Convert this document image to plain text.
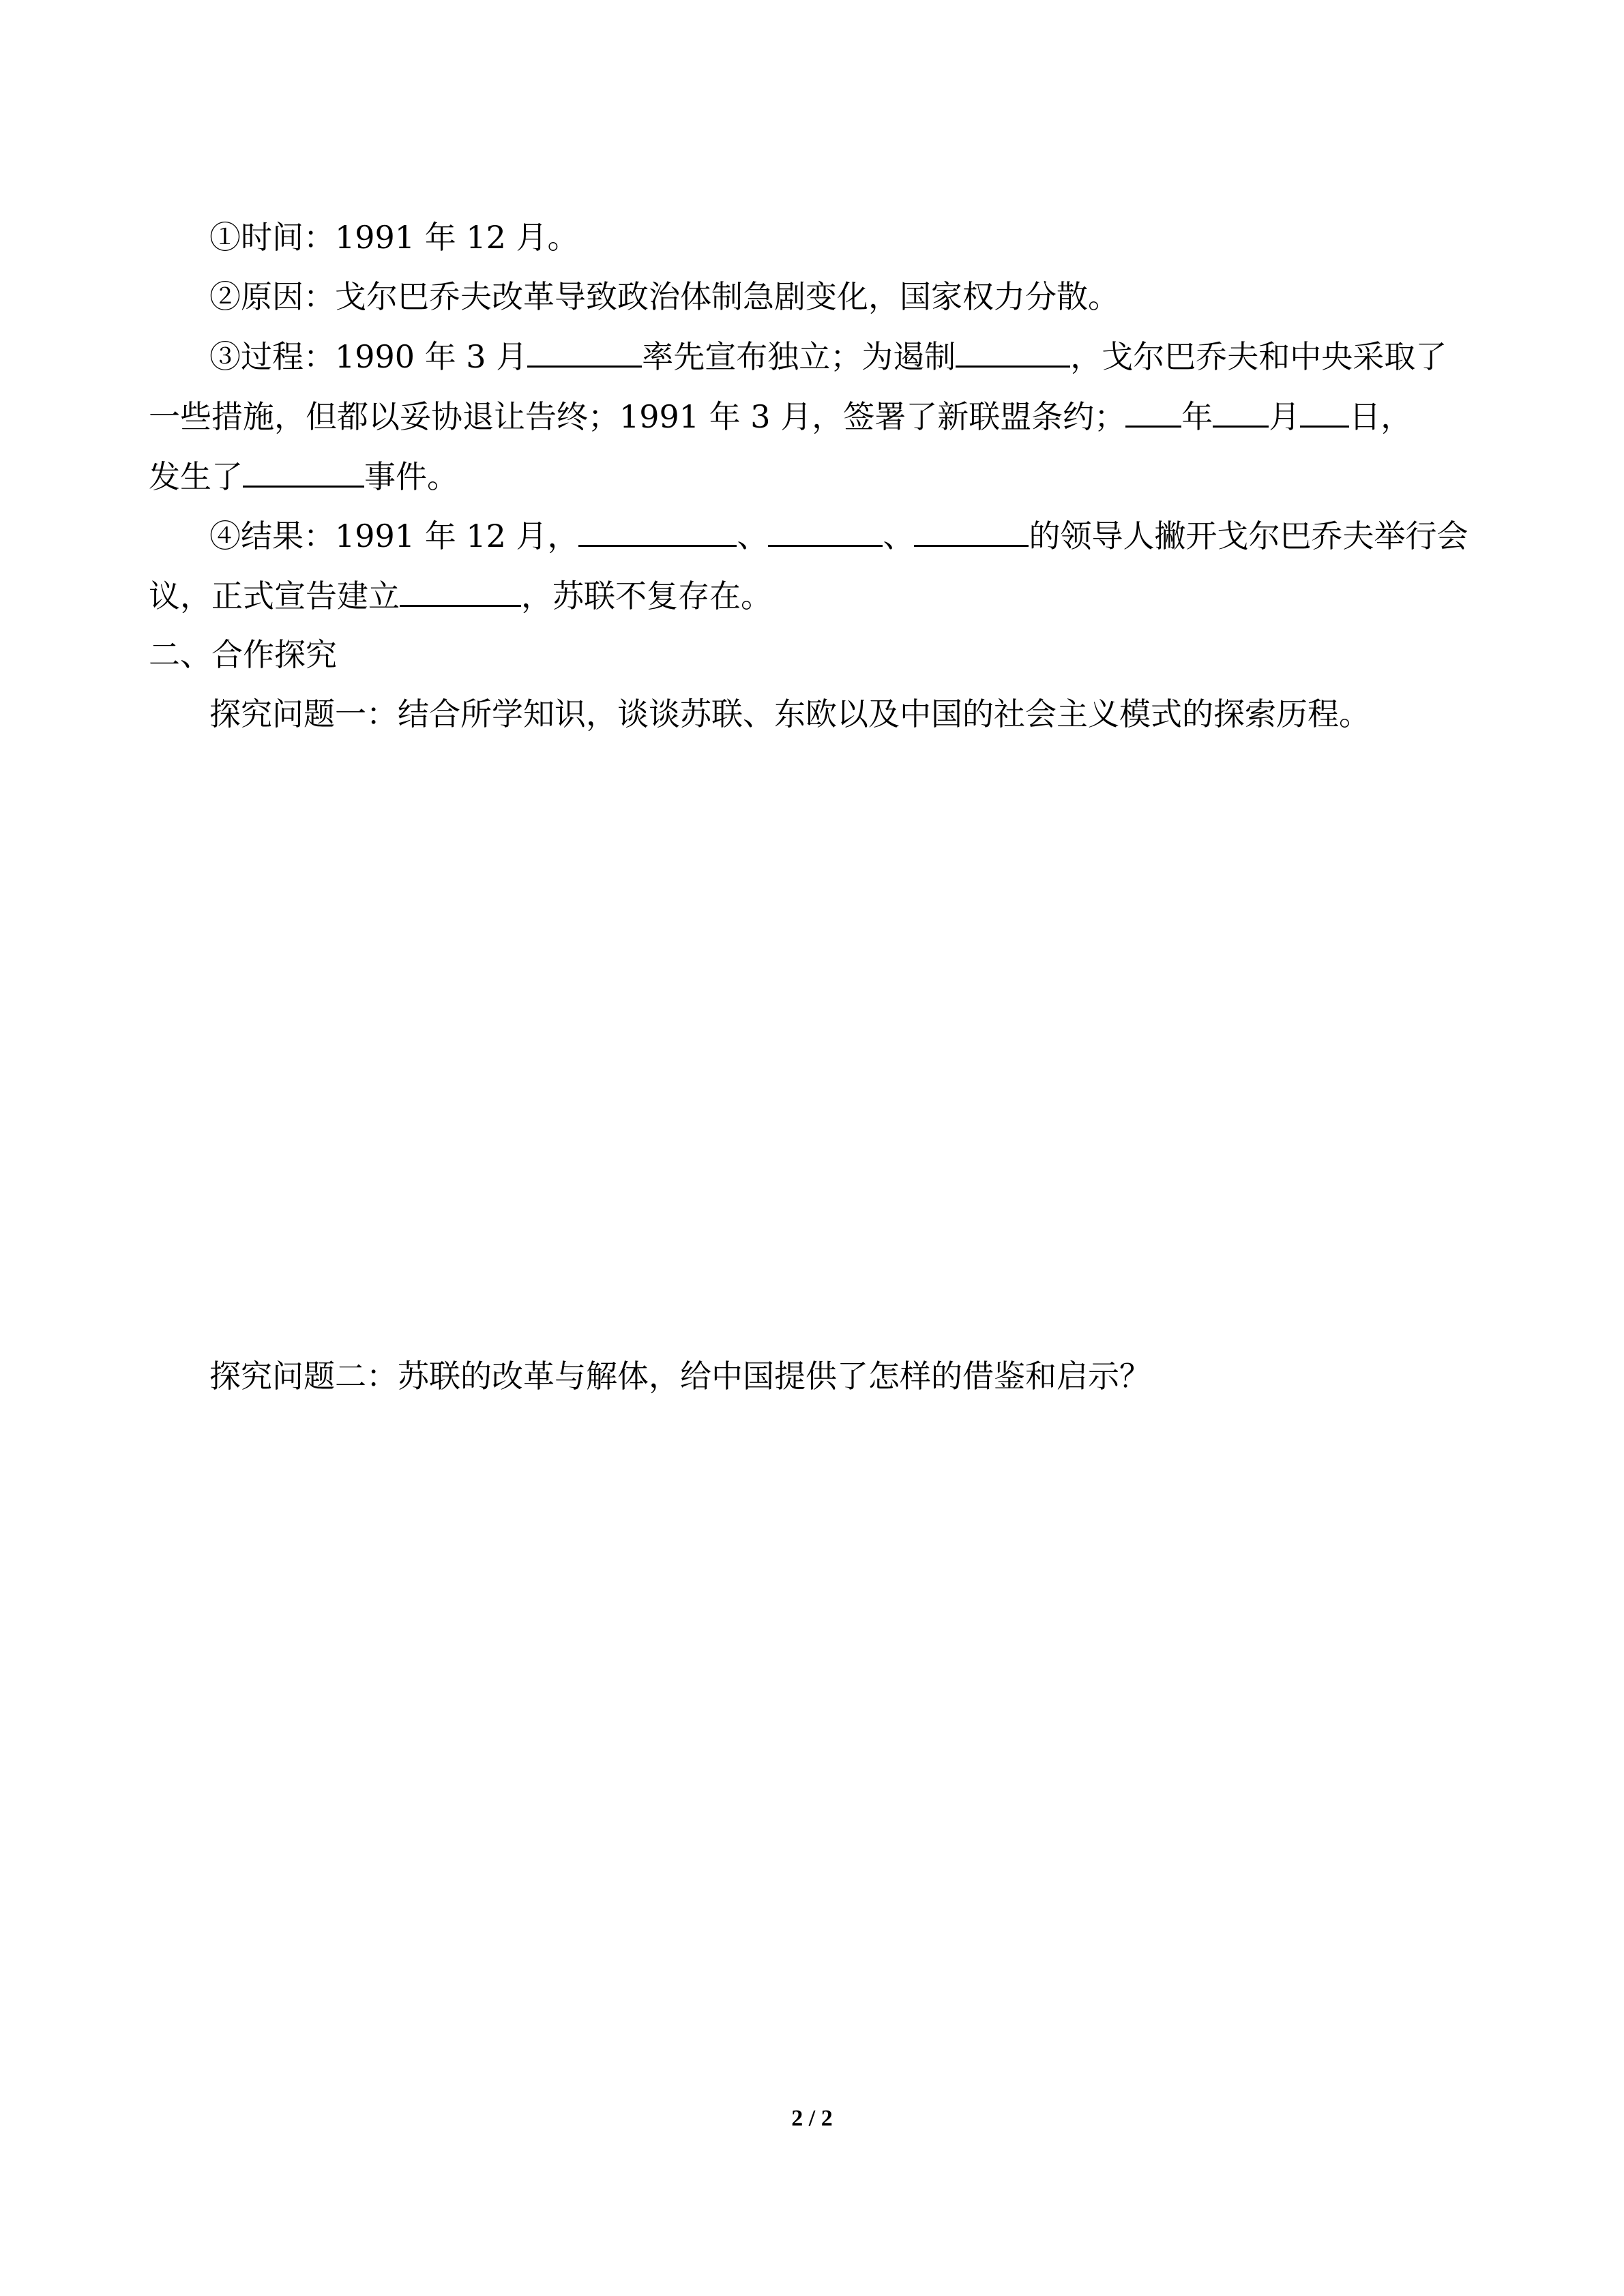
①时间：1991 年 12 月。
②原因：戈尔巴乔夫改革导致政治体制急剧变化，国家权力分散。
③过程：1990 年 3 月	率先宣布独立；为遏制	，戈尔巴乔夫和中央采取了
一些措施，但都以妥协退让告终；1991 年 3 月，签署了新联盟条约； 年 月 日，
发生了	事件。
④结果：1991 年 12 月，	、	、	的领导人撇开戈尔巴乔夫举行会
议，正式宣告建立	，苏联不复存在。
二、合作探究
探究问题一：结合所学知识，谈谈苏联、东欧以及中国的社会主义模式的探索历程。
探究问题二：苏联的改革与解体，给中国提供了怎样的借鉴和启示？
2 / 2
